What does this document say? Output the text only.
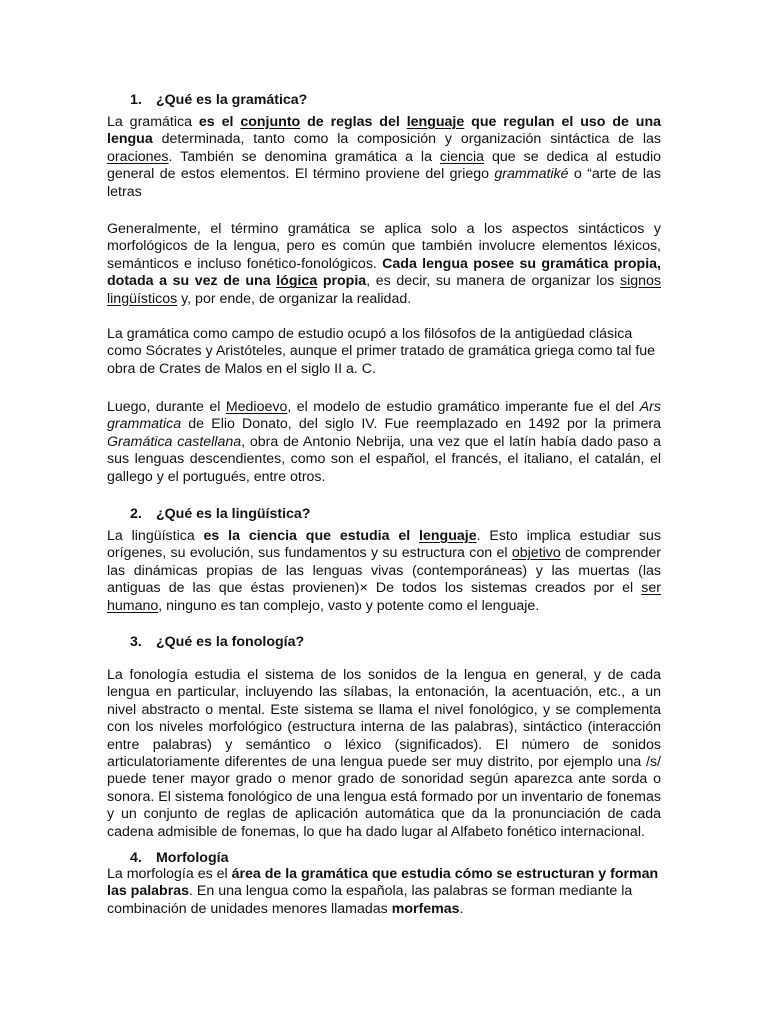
1. ¿Qué es la gramática?

La gramática es el conjunto de reglas del lenguaje que regulan el uso de una lengua determinada, tanto como la composición y organización sintáctica de las oraciones. También se denomina gramática a la ciencia que se dedica al estudio general de estos elementos. El término proviene del griego grammatiké o “arte de las letras

Generalmente, el término gramática se aplica solo a los aspectos sintácticos y morfológicos de la lengua, pero es común que también involucre elementos léxicos, semánticos e incluso fonético-fonológicos. Cada lengua posee su gramática propia, dotada a su vez de una lógica propia, es decir, su manera de organizar los signos lingüísticos y, por ende, de organizar la realidad.

La gramática como campo de estudio ocupó a los filósofos de la antigüedad clásica como Sócrates y Aristóteles, aunque el primer tratado de gramática griega como tal fue obra de Crates de Malos en el siglo II a. C.

Luego, durante el Medioevo, el modelo de estudio gramático imperante fue el del Ars grammatica de Elio Donato, del siglo IV. Fue reemplazado en 1492 por la primera Gramática castellana, obra de Antonio Nebrija, una vez que el latín había dado paso a sus lenguas descendientes, como son el español, el francés, el italiano, el catalán, el gallego y el portugués, entre otros.

2. ¿Qué es la lingüística?

La lingüística es la ciencia que estudia el lenguaje. Esto implica estudiar sus orígenes, su evolución, sus fundamentos y su estructura con el objetivo de comprender las dinámicas propias de las lenguas vivas (contemporáneas) y las muertas (las antiguas de las que éstas provienen)× De todos los sistemas creados por el ser humano, ninguno es tan complejo, vasto y potente como el lenguaje.

3. ¿Qué es la fonología?

La fonología estudia el sistema de los sonidos de la lengua en general, y de cada lengua en particular, incluyendo las sílabas, la entonación, la acentuación, etc., a un nivel abstracto o mental. Este sistema se llama el nivel fonológico, y se complementa con los niveles morfológico (estructura interna de las palabras), sintáctico (interacción entre palabras) y semántico o léxico (significados). El número de sonidos articulatoriamente diferentes de una lengua puede ser muy distrito, por ejemplo una /s/ puede tener mayor grado o menor grado de sonoridad según aparezca ante sorda o sonora. El sistema fonológico de una lengua está formado por un inventario de fonemas y un conjunto de reglas de aplicación automática que da la pronunciación de cada cadena admisible de fonemas, lo que ha dado lugar al Alfabeto fonético internacional.

4. Morfología

La morfología es el área de la gramática que estudia cómo se estructuran y forman las palabras. En una lengua como la española, las palabras se forman mediante la combinación de unidades menores llamadas morfemas.
